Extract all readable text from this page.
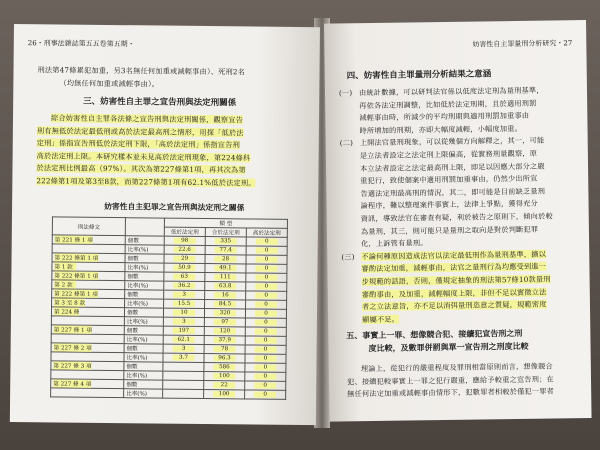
26・刑事法雜誌第五五卷第五期・
刑法第47條累犯加重，另3名無任何加重或減輕事由）、死刑2名
（均無任何加重或減輕事由）。
三、妨害性自主罪之宣告刑與法定刑關係
綜合妨害性自主罪各法條之宣告刑與法定刑關係，觀察宣告
刑有無低於法定最低刑或高於法定最高刑之情形，用探「低於法
定刑」係指宣告刑低於法定刑下限，「高於法定刑」係指宣告刑
高於法定刑上限。本研究樣本並未見高於法定刑現象，第224條科
於法定刑比例最高（97%）。其次為第227條第1項，再其次為第
222條第1項及第3至8款，而第227條第1項有62.1%低於法定刑。
妨害性自主犯罪之宣告刑與法定刑之關係
刑法條文		類 型		
		低於法定刑	合於法定刑	高於法定刑
第 221 條 1 項	個數	98	335	0
	比率(%)	22.6	77.4	0
第 222 條第 1 項	個數	29	28	0
第 1 款	比率(%)	50.9	49.1	0
第 222 條第 1 項	個數	63	111	0
第 2 款	比率(%)	36.2	63.8	0
第 222 條第 1 項	個數	3	16	0
第 3 至 8 款	比率(%)	15.5	84.5	0
第 224 條	個數	10	320	0
	比率(%)	3	97	0
第 227 條 1 項	個數	197	120	0
	比率(%)	62.1	37.9	0
第 227 條 2 項	個數	3	78	0
	比率(%)	3.7	96.3	0
第 227 條 3 項	個數		586	0
	比率(%)		100	0
第 227 條 4 項	個數		22	0
	比率(%)		100	0
妨害性自主罪量刑分析研究・27
四、妨害性自主罪量刑分析結果之意涵
(一) 由統計數據，可以研判法官係以低度法定刑為量刑基準，
再依各法定刑調整，比如低於法定刑期，且於適用刑罰
減輕事由時，所減少的平均刑期與適用刑罰加重事由
時所增加的刑期，亦即大幅度減輕，小幅度加重。
(二) 上開法官量刑現象，可以從幾個方向解釋之，其一，可能
是立法者設定之法定刑上限偏高，從實務刑量觀察，原
本立法者設定之法定最高刑上限，即足以因應大部分之嚴
重犯行，致使個案中適用刑罰加重事由，仍然少出所宣
告適法定刑最高刑的情況，其二，即可能是目前缺乏量刑
論程序，難以整理案件事實上，法律上爭點，獲得充分
資訊，導致法官在審查有疑，利於被告之原則下，傾向於較
為量刑，其三，則可能只是量刑之取向是對於判斷犯罪
化，上訴管有量刑。
(三) 不論何種原因造成法官以法定最低刑作為量刑基準，擴以
審酌法定加重，減輕事由，法官之量刑行為均應受到進一
步規範的話語，否則，僅規定抽象的刑法第57條10款量刑
審酌事由，及加重，減輕幅度上限，非但不足以實徵立法
者之立法意旨，亦不足以消弭量刑恣意之質疑，規範密度
顯屬不足。
五、事實上一罪、想像競合犯、接續犯宣告刑之刑
度比較，及數罪併罰與單一宣告刑之刑度比較
理論上，從犯行的嚴重程度及罪刑相當原則而言，想像競合
犯、接續犯較事實上一罪之犯行嚴重，應給予較重之宣告刑；在
無任何法定加重或減輕事由情形下，犯數罪者相較於僅犯一罪者
